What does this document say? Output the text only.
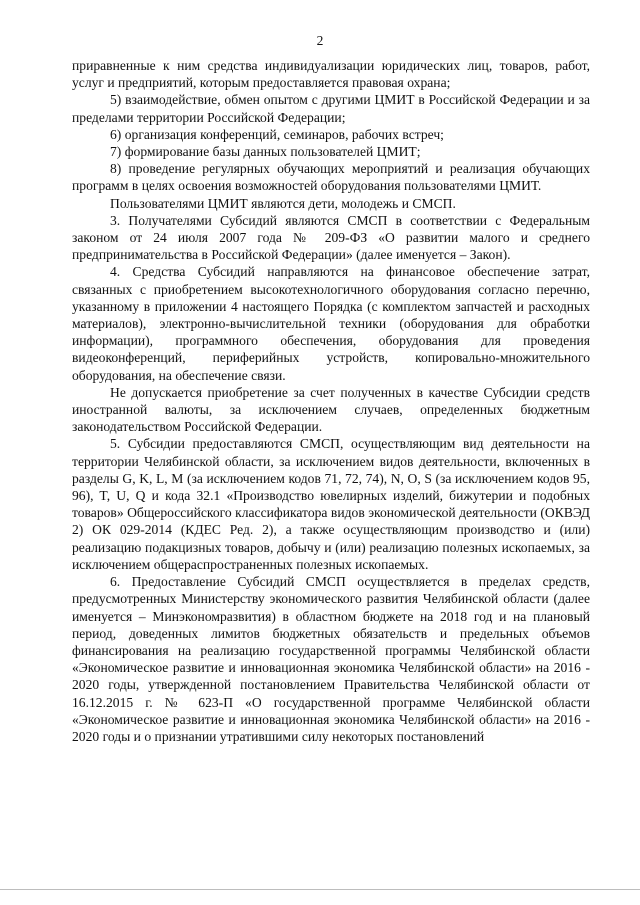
2

приравненные к ним средства индивидуализации юридических лиц, товаров, работ, услуг и предприятий, которым предоставляется правовая охрана;

5) взаимодействие, обмен опытом с другими ЦМИТ в Российской Федерации и за пределами территории Российской Федерации;

6) организация конференций, семинаров, рабочих встреч;

7) формирование базы данных пользователей ЦМИТ;

8) проведение регулярных обучающих мероприятий и реализация обучающих программ в целях освоения возможностей оборудования пользователями ЦМИТ.

Пользователями ЦМИТ являются дети, молодежь и СМСП.

3. Получателями Субсидий являются СМСП в соответствии с Федеральным законом от 24 июля 2007 года № 209-ФЗ «О развитии малого и среднего предпринимательства в Российской Федерации» (далее именуется – Закон).

4. Средства Субсидий направляются на финансовое обеспечение затрат, связанных с приобретением высокотехнологичного оборудования согласно перечню, указанному в приложении 4 настоящего Порядка (с комплектом запчастей и расходных материалов), электронно-вычислительной техники (оборудования для обработки информации), программного обеспечения, оборудования для проведения видеоконференций, периферийных устройств, копировально-множительного оборудования, на обеспечение связи.

Не допускается приобретение за счет полученных в качестве Субсидии средств иностранной валюты, за исключением случаев, определенных бюджетным законодательством Российской Федерации.

5. Субсидии предоставляются СМСП, осуществляющим вид деятельности на территории Челябинской области, за исключением видов деятельности, включенных в разделы G, K, L, M (за исключением кодов 71, 72, 74), N, O, S (за исключением кодов 95, 96), T, U, Q и кода 32.1 «Производство ювелирных изделий, бижутерии и подобных товаров» Общероссийского классификатора видов экономической деятельности (ОКВЭД 2) ОК 029-2014 (КДЕС Ред. 2), а также осуществляющим производство и (или) реализацию подакцизных товаров, добычу и (или) реализацию полезных ископаемых, за исключением общераспространенных полезных ископаемых.

6. Предоставление Субсидий СМСП осуществляется в пределах средств, предусмотренных Министерству экономического развития Челябинской области (далее именуется – Минэкономразвития) в областном бюджете на 2018 год и на плановый период, доведенных лимитов бюджетных обязательств и предельных объемов финансирования на реализацию государственной программы Челябинской области «Экономическое развитие и инновационная экономика Челябинской области» на 2016 - 2020 годы, утвержденной постановлением Правительства Челябинской области от 16.12.2015 г. № 623-П «О государственной программе Челябинской области «Экономическое развитие и инновационная экономика Челябинской области» на 2016 - 2020 годы и о признании утратившими силу некоторых постановлений
